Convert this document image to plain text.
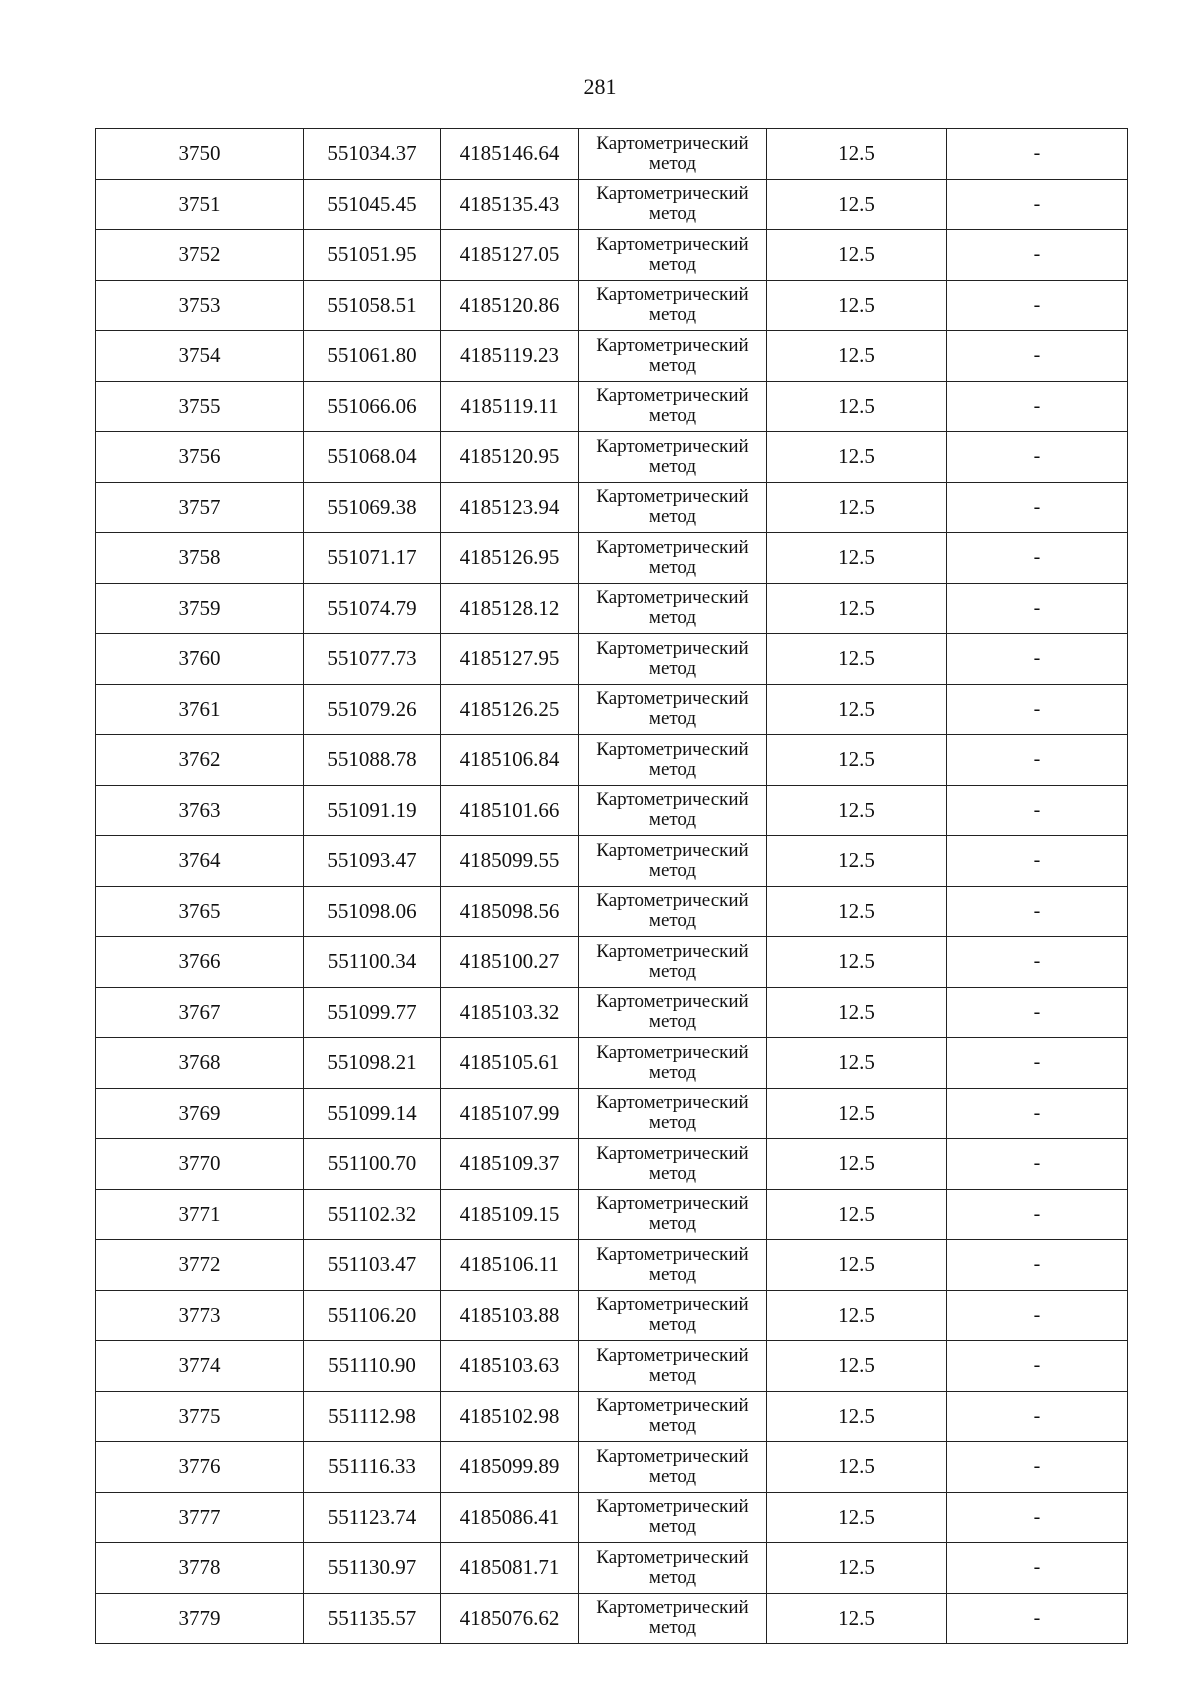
281
3750	551034.37	4185146.64	Картометрический
метод	12.5	-
3751	551045.45	4185135.43	Картометрический
метод	12.5	-
3752	551051.95	4185127.05	Картометрический
метод	12.5	-
3753	551058.51	4185120.86	Картометрический
метод	12.5	-
3754	551061.80	4185119.23	Картометрический
метод	12.5	-
3755	551066.06	4185119.11	Картометрический
метод	12.5	-
3756	551068.04	4185120.95	Картометрический
метод	12.5	-
3757	551069.38	4185123.94	Картометрический
метод	12.5	-
3758	551071.17	4185126.95	Картометрический
метод	12.5	-
3759	551074.79	4185128.12	Картометрический
метод	12.5	-
3760	551077.73	4185127.95	Картометрический
метод	12.5	-
3761	551079.26	4185126.25	Картометрический
метод	12.5	-
3762	551088.78	4185106.84	Картометрический
метод	12.5	-
3763	551091.19	4185101.66	Картометрический
метод	12.5	-
3764	551093.47	4185099.55	Картометрический
метод	12.5	-
3765	551098.06	4185098.56	Картометрический
метод	12.5	-
3766	551100.34	4185100.27	Картометрический
метод	12.5	-
3767	551099.77	4185103.32	Картометрический
метод	12.5	-
3768	551098.21	4185105.61	Картометрический
метод	12.5	-
3769	551099.14	4185107.99	Картометрический
метод	12.5	-
3770	551100.70	4185109.37	Картометрический
метод	12.5	-
3771	551102.32	4185109.15	Картометрический
метод	12.5	-
3772	551103.47	4185106.11	Картометрический
метод	12.5	-
3773	551106.20	4185103.88	Картометрический
метод	12.5	-
3774	551110.90	4185103.63	Картометрический
метод	12.5	-
3775	551112.98	4185102.98	Картометрический
метод	12.5	-
3776	551116.33	4185099.89	Картометрический
метод	12.5	-
3777	551123.74	4185086.41	Картометрический
метод	12.5	-
3778	551130.97	4185081.71	Картометрический
метод	12.5	-
3779	551135.57	4185076.62	Картометрический
метод	12.5	-
